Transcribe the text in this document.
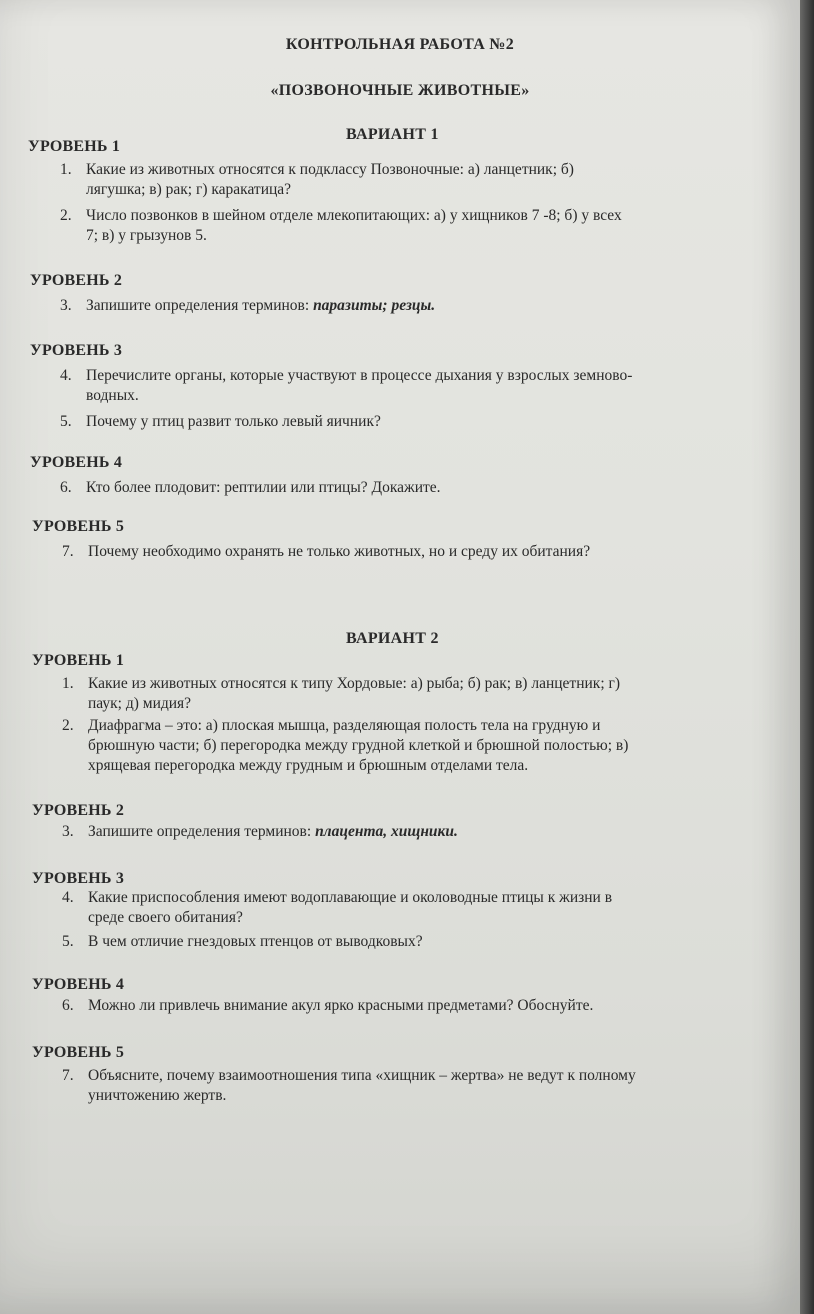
КОНТРОЛЬНАЯ РАБОТА №2
«ПОЗВОНОЧНЫЕ ЖИВОТНЫЕ»
ВАРИАНТ 1
УРОВЕНЬ 1
1. Какие из животных относятся к подклассу Позвоночные: а) ланцетник; б)
лягушка; в) рак; г) каракатица?
2. Число позвонков в шейном отделе млекопитающих: а) у хищников 7 -8; б) у всех
7; в) у грызунов 5.
УРОВЕНЬ 2
3. Запишите определения терминов: паразиты; резцы.
УРОВЕНЬ 3
4. Перечислите органы, которые участвуют в процессе дыхания у взрослых земново-
водных.
5. Почему у птиц развит только левый яичник?
УРОВЕНЬ 4
6. Кто более плодовит: рептилии или птицы? Докажите.
УРОВЕНЬ 5
7. Почему необходимо охранять не только животных, но и среду их обитания?
ВАРИАНТ 2
УРОВЕНЬ 1
1. Какие из животных относятся к типу Хордовые: а) рыба; б) рак; в) ланцетник; г)
паук; д) мидия?
2. Диафрагма – это: а) плоская мышца, разделяющая полость тела на грудную и
брюшную части; б) перегородка между грудной клеткой и брюшной полостью; в)
хрящевая перегородка между грудным и брюшным отделами тела.
УРОВЕНЬ 2
3. Запишите определения терминов: плацента, хищники.
УРОВЕНЬ 3
4. Какие приспособления имеют водоплавающие и околоводные птицы к жизни в
среде своего обитания?
5. В чем отличие гнездовых птенцов от выводковых?
УРОВЕНЬ 4
6. Можно ли привлечь внимание акул ярко красными предметами? Обоснуйте.
УРОВЕНЬ 5
7. Объясните, почему взаимоотношения типа «хищник – жертва» не ведут к полному
уничтожению жертв.
